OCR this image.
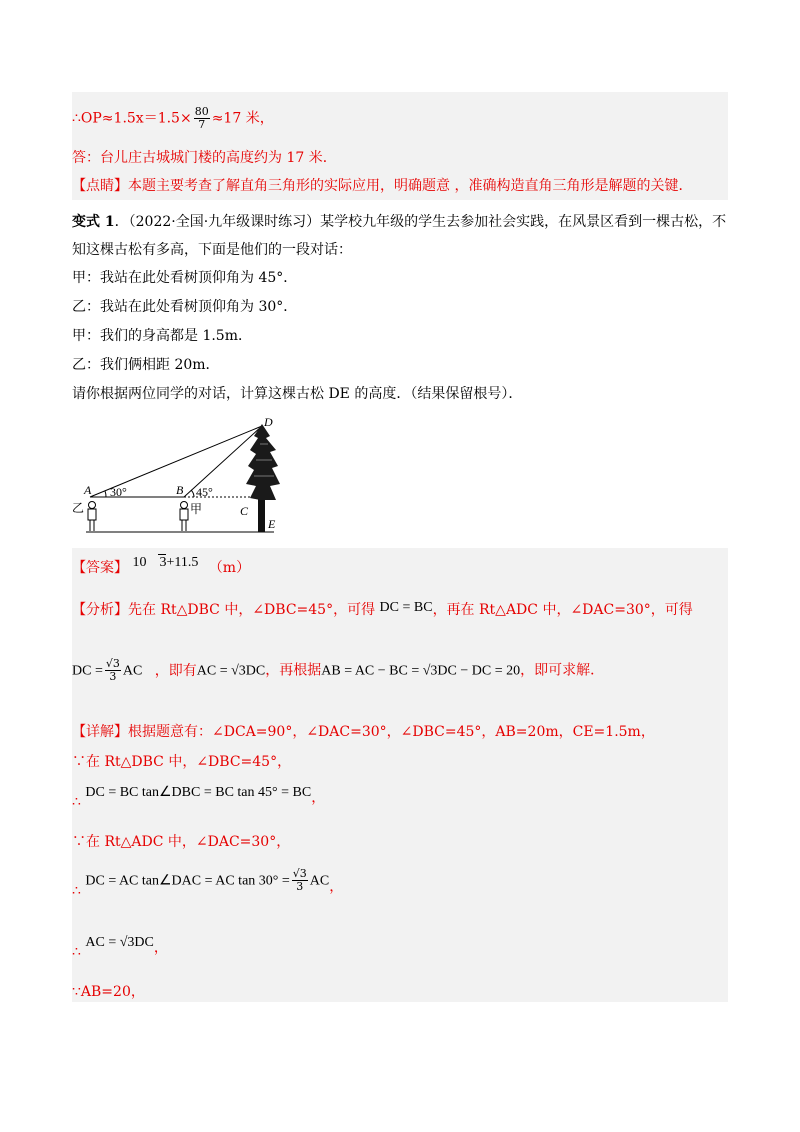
∴OP≈1.5x＝1.5× $\frac{80}{7} \approx 17$ 米，
答：台儿庄古城城门楼的高度约为 17 米．
【点睛】本题主要考查了解直角三角形的实际应用，明确题意 ，准确构造直角三角形是解题的关键．
变式 1．（2022·全国·九年级课时练习）某学校九年级的学生去参加社会实践，在风景区看到一棵古松，不
知这棵古松有多高，下面是他们的一段对话：
甲：我站在此处看树顶仰角为 45°．
乙：我站在此处看树顶仰角为 30°．
甲：我们的身高都是 1.5m．
乙：我们俩相距 20m．
请你根据两位同学的对话，计算这棵古松 DE 的高度．（结果保留根号）．
A 30°	B 45°
C
D
E
乙	甲
【答案】 10 3+11.5 （m）
【分析】先在 Rt△DBC 中，∠DBC=45°，可得 DC = BC，再在 Rt△ADC 中，∠DAC=30°，可得
DC = $\frac{√3}{3}$ AC ，即有AC = √3DC，再根据AB = AC − BC = √3DC − DC = 20，即可求解．
【详解】根据题意有：∠DCA=90°，∠DAC=30°，∠DBC=45°，AB=20m，CE=1.5m，
∵在 Rt△DBC 中，∠DBC=45°，
∴ DC = BC tan∠DBC = BC tan 45° = BC，
∵在 Rt△ADC 中，∠DAC=30°，
∴ DC = AC tan∠DAC = AC $\tan 30^\circ = \frac{√3}{3}$ AC，
∴ AC = √3DC，
∵AB=20，
